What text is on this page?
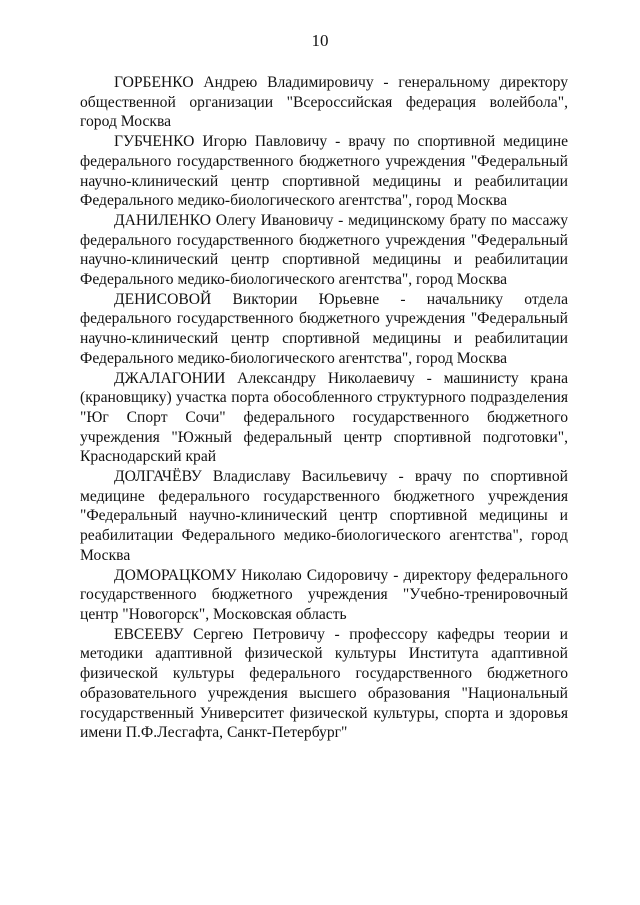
10

ГОРБЕНКО Андрею Владимировичу - генеральному директору общественной организации "Всероссийская федерация волейбола", город Москва

ГУБЧЕНКО Игорю Павловичу - врачу по спортивной медицине федерального государственного бюджетного учреждения "Федеральный научно-клинический центр спортивной медицины и реабилитации Федерального медико-биологического агентства", город Москва

ДАНИЛЕНКО Олегу Ивановичу - медицинскому брату по массажу федерального государственного бюджетного учреждения "Федеральный научно-клинический центр спортивной медицины и реабилитации Федерального медико-биологического агентства", город Москва

ДЕНИСОВОЙ Виктории Юрьевне - начальнику отдела федерального государственного бюджетного учреждения "Федеральный научно-клинический центр спортивной медицины и реабилитации Федерального медико-биологического агентства", город Москва

ДЖАЛАГОНИИ Александру Николаевичу - машинисту крана (крановщику) участка порта обособленного структурного подразделения "Юг Спорт Сочи" федерального государственного бюджетного учреждения "Южный федеральный центр спортивной подготовки", Краснодарский край

ДОЛГАЧЁВУ Владиславу Васильевичу - врачу по спортивной медицине федерального государственного бюджетного учреждения "Федеральный научно-клинический центр спортивной медицины и реабилитации Федерального медико-биологического агентства", город Москва

ДОМОРАЦКОМУ Николаю Сидоровичу - директору федерального государственного бюджетного учреждения "Учебно-тренировочный центр "Новогорск", Московская область

ЕВСЕЕВУ Сергею Петровичу - профессору кафедры теории и методики адаптивной физической культуры Института адаптивной физической культуры федерального государственного бюджетного образовательного учреждения высшего образования "Национальный государственный Университет физической культуры, спорта и здоровья имени П.Ф.Лесгафта, Санкт-Петербург"
